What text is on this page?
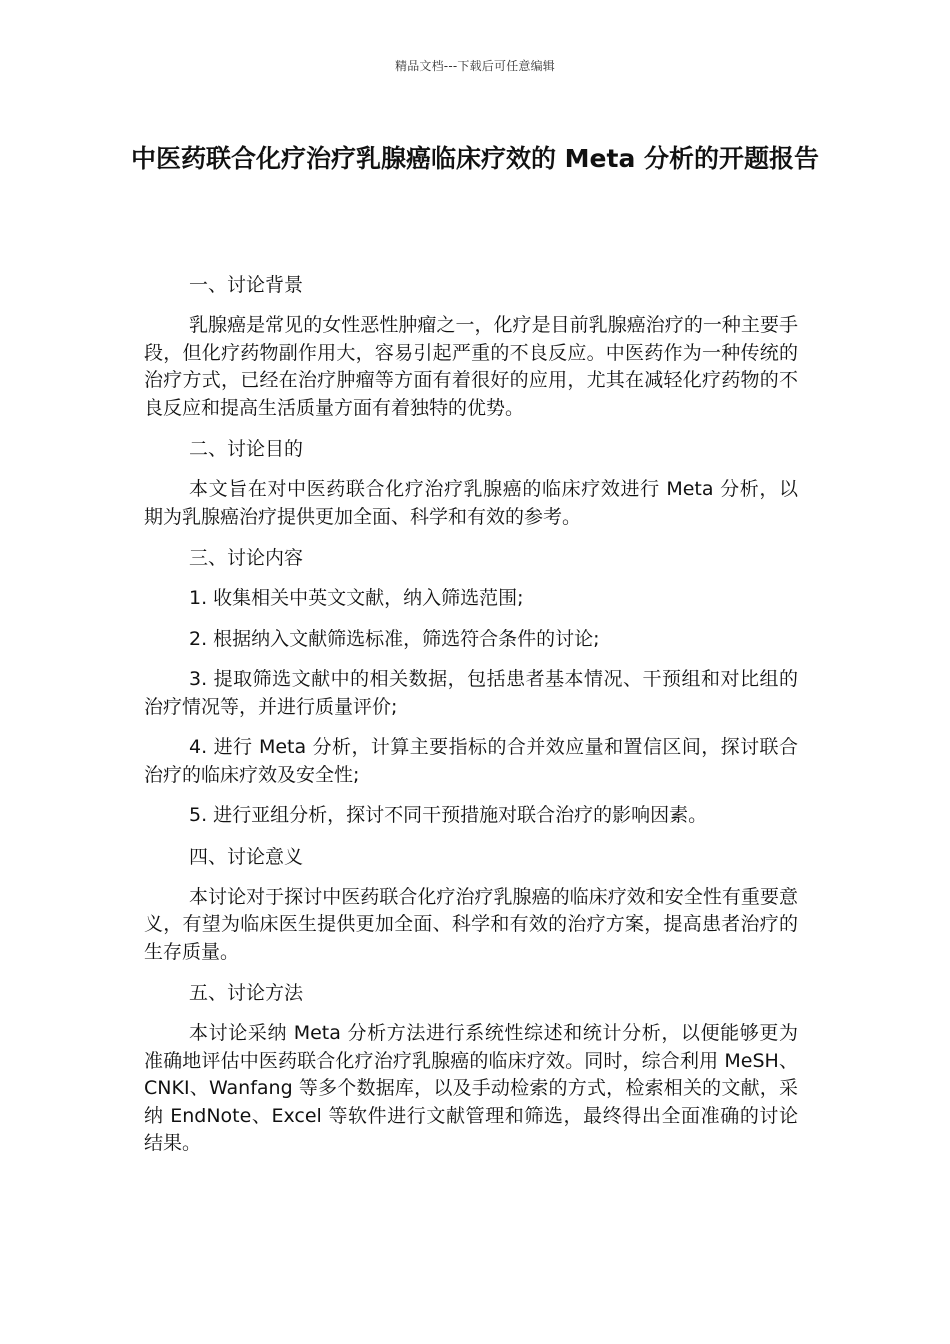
精品文档---下载后可任意编辑
中医药联合化疗治疗乳腺癌临床疗效的 Meta 分析的开题报告
一、讨论背景

乳腺癌是常见的女性恶性肿瘤之一，化疗是目前乳腺癌治疗的一种主要手段，但化疗药物副作用大，容易引起严重的不良反应。中医药作为一种传统的治疗方式，已经在治疗肿瘤等方面有着很好的应用，尤其在减轻化疗药物的不良反应和提高生活质量方面有着独特的优势。

二、讨论目的

本文旨在对中医药联合化疗治疗乳腺癌的临床疗效进行 Meta 分析，以期为乳腺癌治疗提供更加全面、科学和有效的参考。

三、讨论内容

1. 收集相关中英文文献，纳入筛选范围;

2. 根据纳入文献筛选标准，筛选符合条件的讨论;

3. 提取筛选文献中的相关数据，包括患者基本情况、干预组和对比组的治疗情况等，并进行质量评价;

4. 进行 Meta 分析，计算主要指标的合并效应量和置信区间，探讨联合治疗的临床疗效及安全性;

5. 进行亚组分析，探讨不同干预措施对联合治疗的影响因素。

四、讨论意义

本讨论对于探讨中医药联合化疗治疗乳腺癌的临床疗效和安全性有重要意义，有望为临床医生提供更加全面、科学和有效的治疗方案，提高患者治疗的生存质量。

五、讨论方法

本讨论采纳 Meta 分析方法进行系统性综述和统计分析，以便能够更为准确地评估中医药联合化疗治疗乳腺癌的临床疗效。同时，综合利用 MeSH、CNKI、Wanfang 等多个数据库，以及手动检索的方式，检索相关的文献，采纳 EndNote、Excel 等软件进行文献管理和筛选，最终得出全面准确的讨论结果。
